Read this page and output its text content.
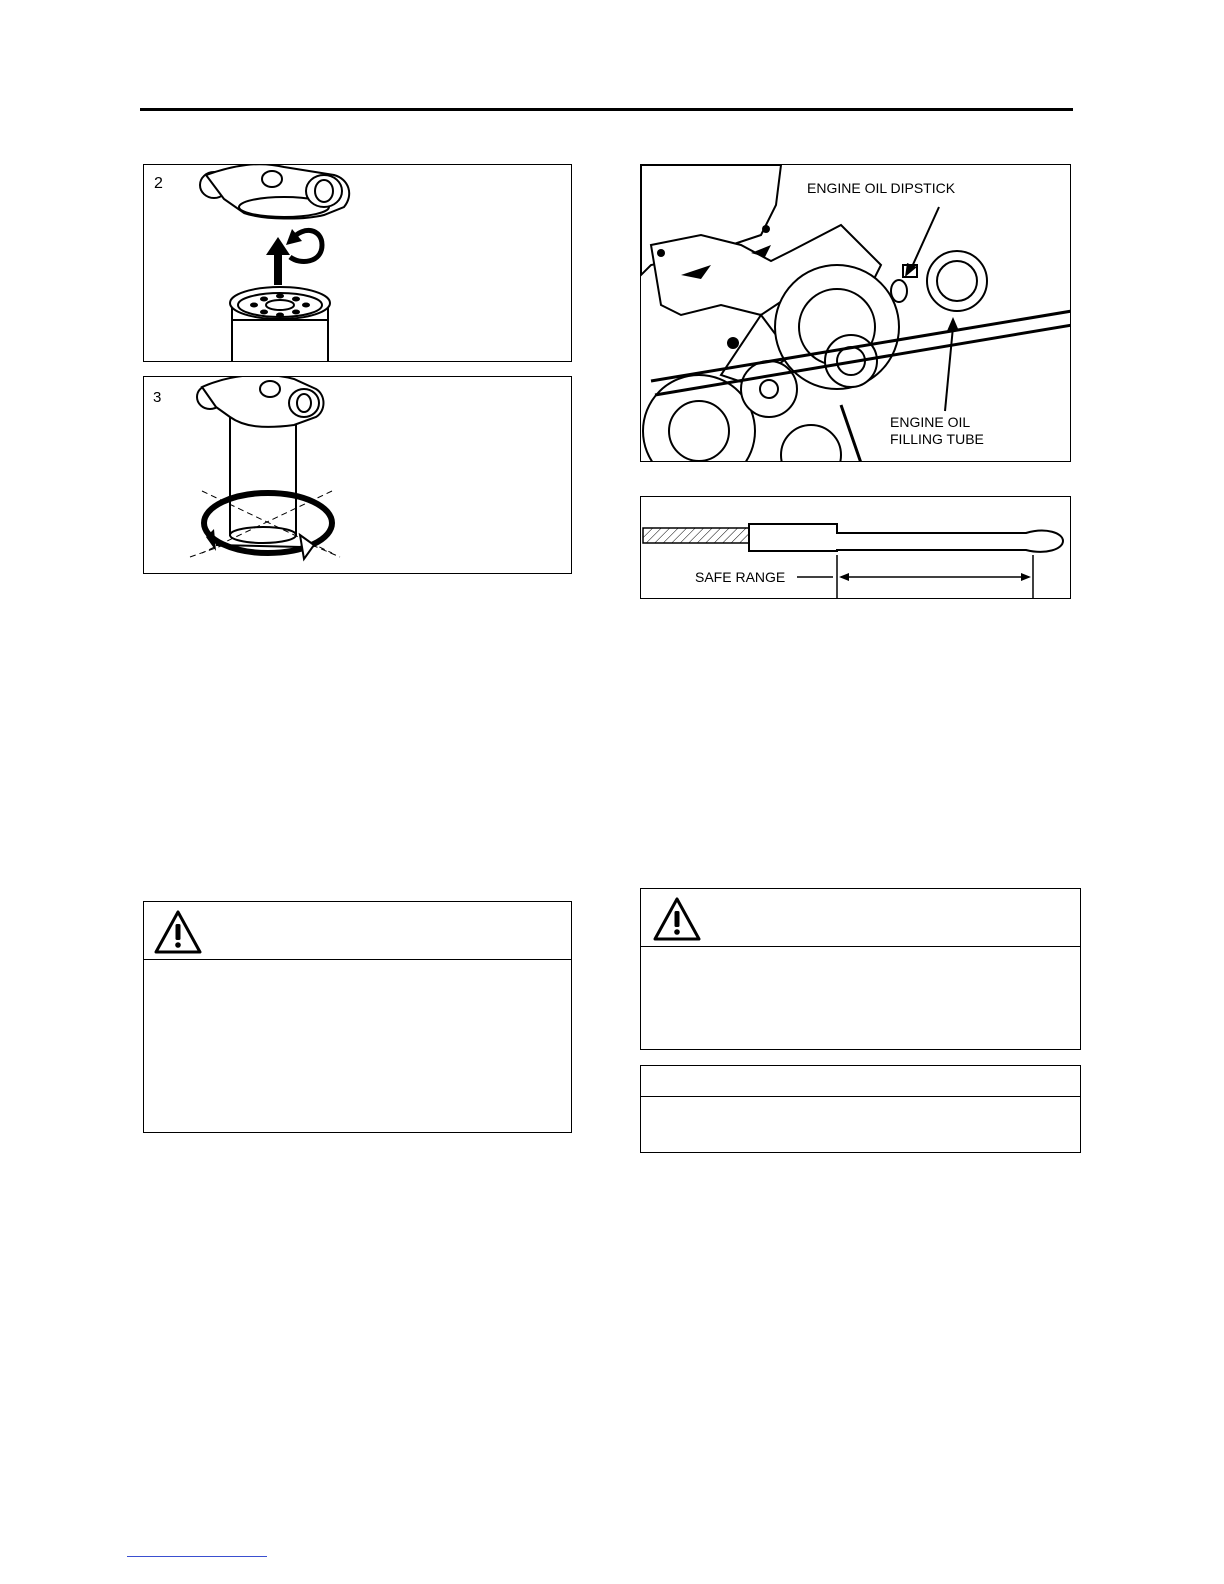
2
3
ENGINE OIL DIPSTICK
ENGINE OIL
FILLING TUBE
SAFE RANGE
